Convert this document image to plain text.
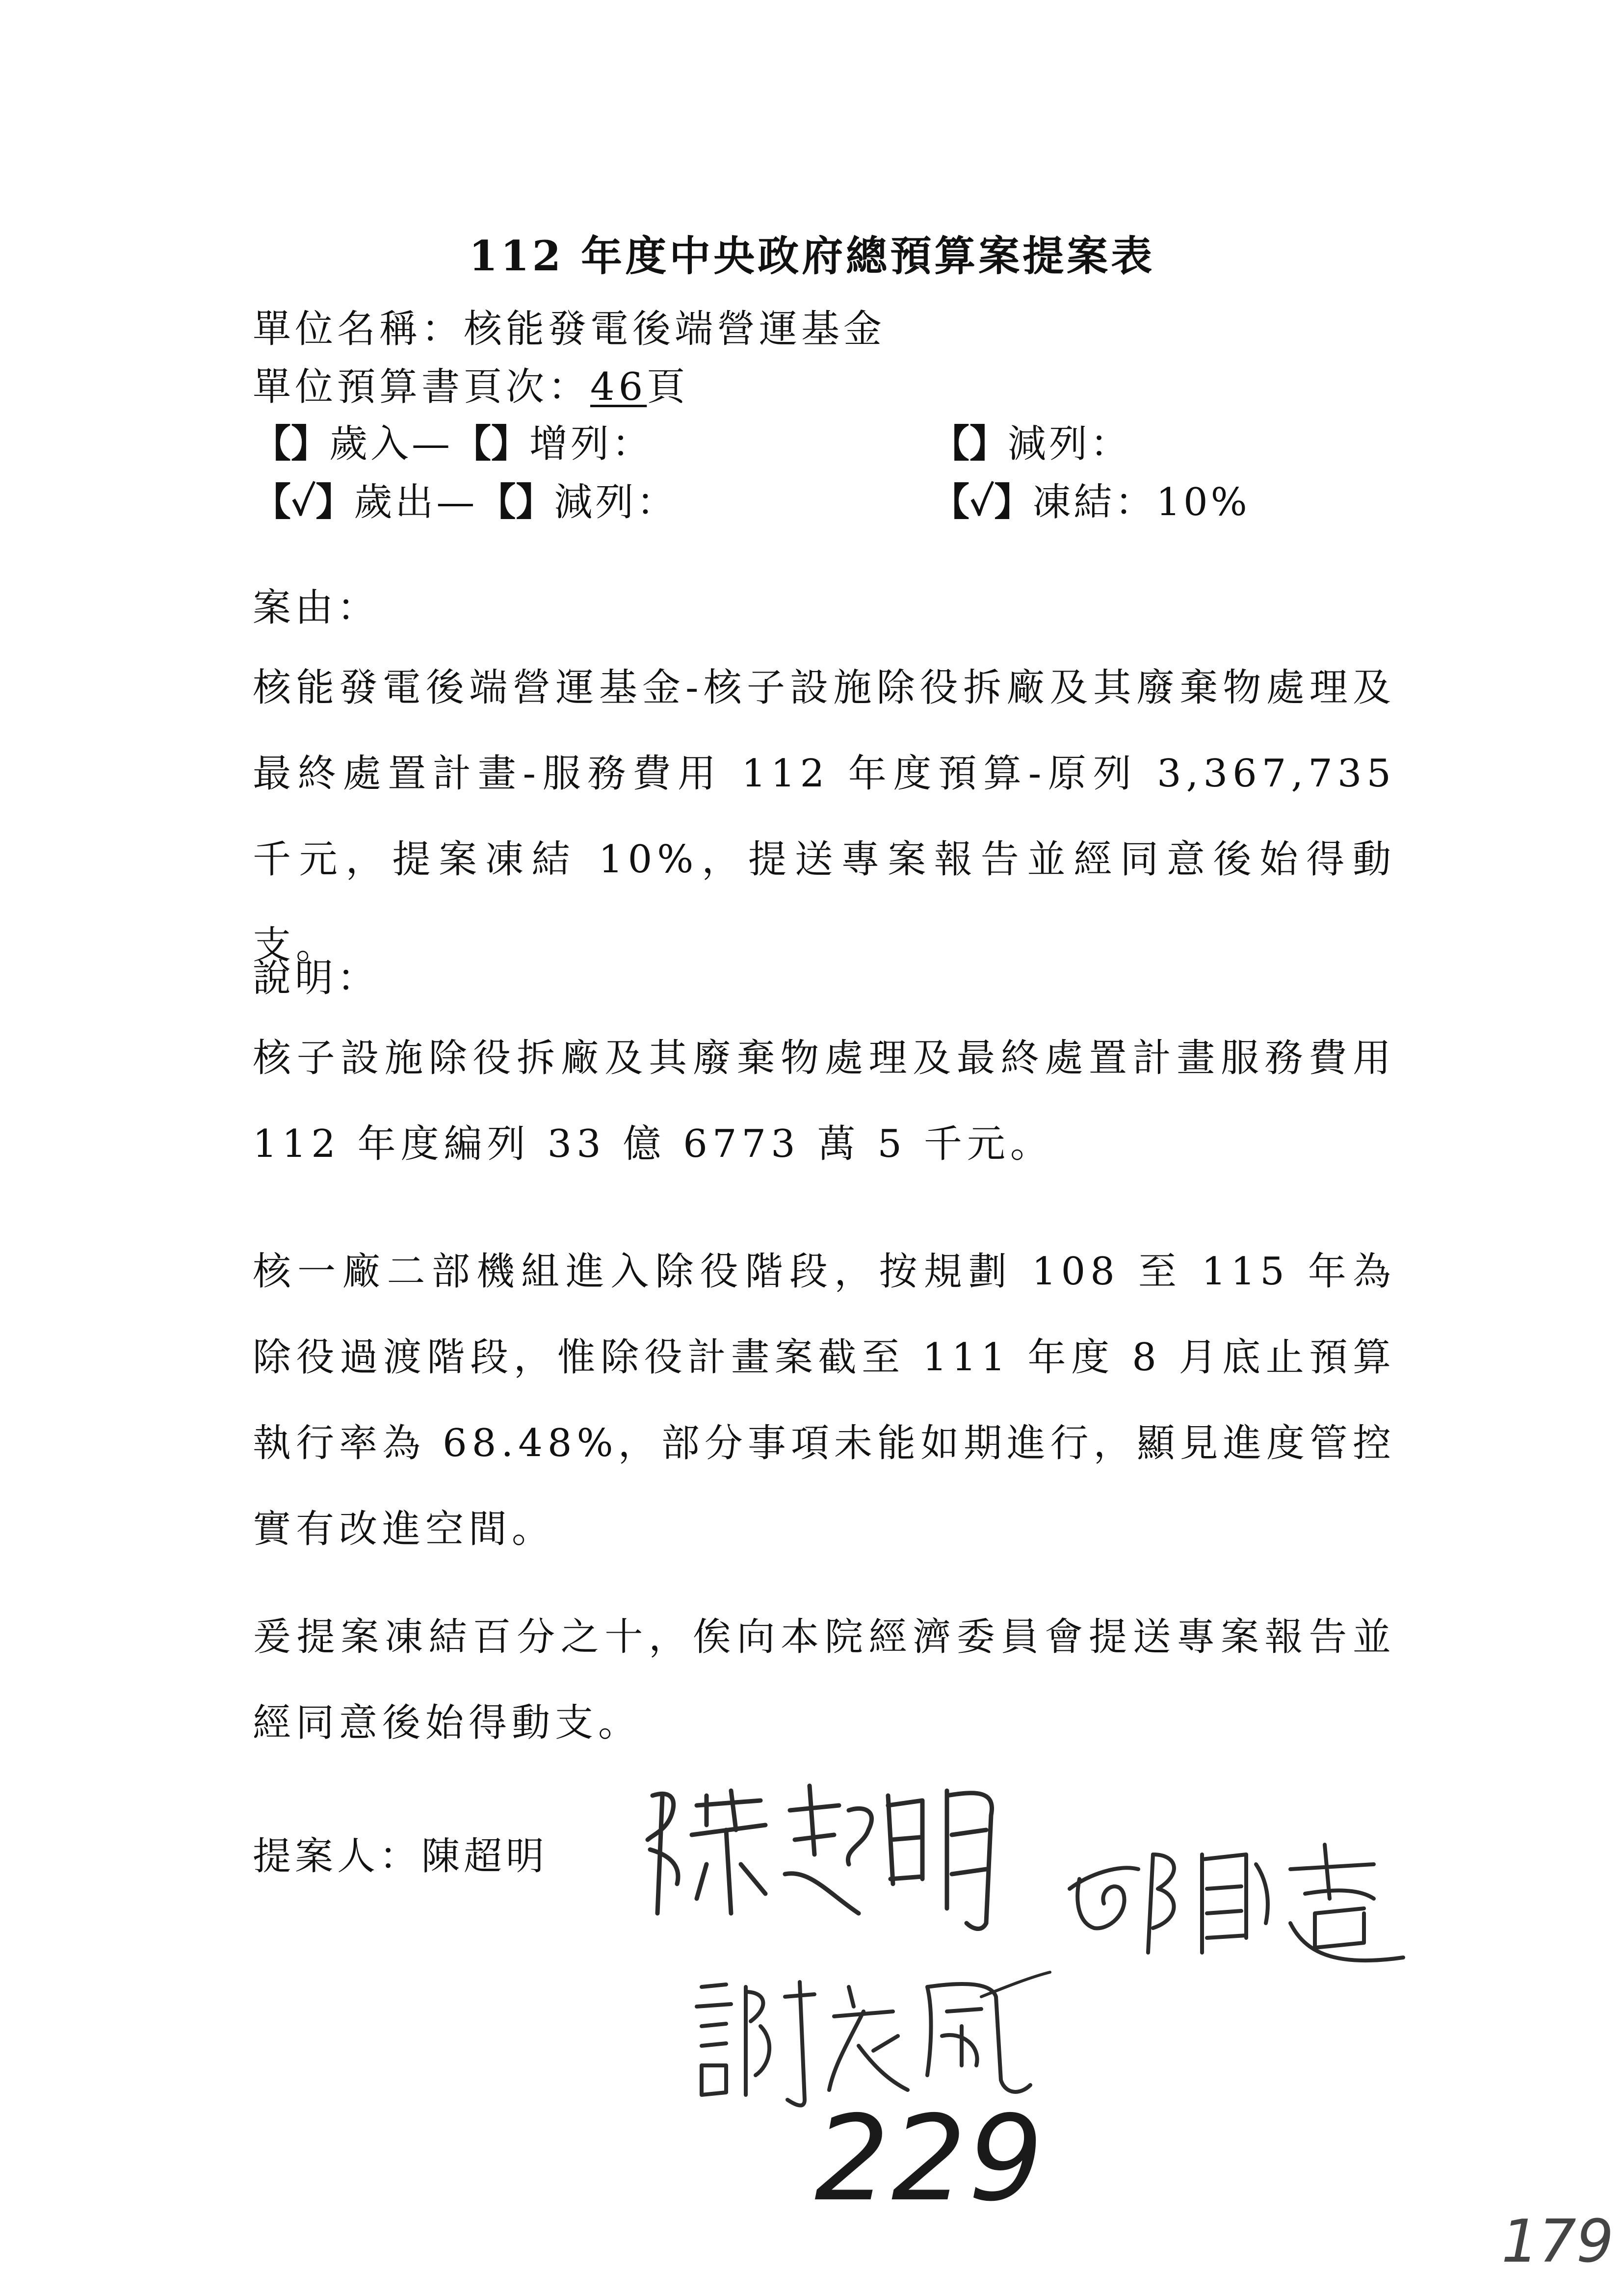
112 年度中央政府總預算案提案表
單位名稱：核能發電後端營運基金
單位預算書頁次：46頁
【】歲入—【】增列：	【】減列：
【✓】歲出—【】減列：	【✓】凍結：10%
案由：
核能發電後端營運基金-核子設施除役拆廠及其廢棄物處理及最終處置計畫-服務費用 112 年度預算-原列 3,367,735 千元，提案凍結 10%，提送專案報告並經同意後始得動支。
說明：
核子設施除役拆廠及其廢棄物處理及最終處置計畫服務費用 112 年度編列 33 億 6773 萬 5 千元。
核一廠二部機組進入除役階段，按規劃 108 至 115 年為除役過渡階段，惟除役計畫案截至 111 年度 8 月底止預算執行率為 68.48%，部分事項未能如期進行，顯見進度管控實有改進空間。
爰提案凍結百分之十，俟向本院經濟委員會提送專案報告並經同意後始得動支。
提案人：陳超明
229
179
